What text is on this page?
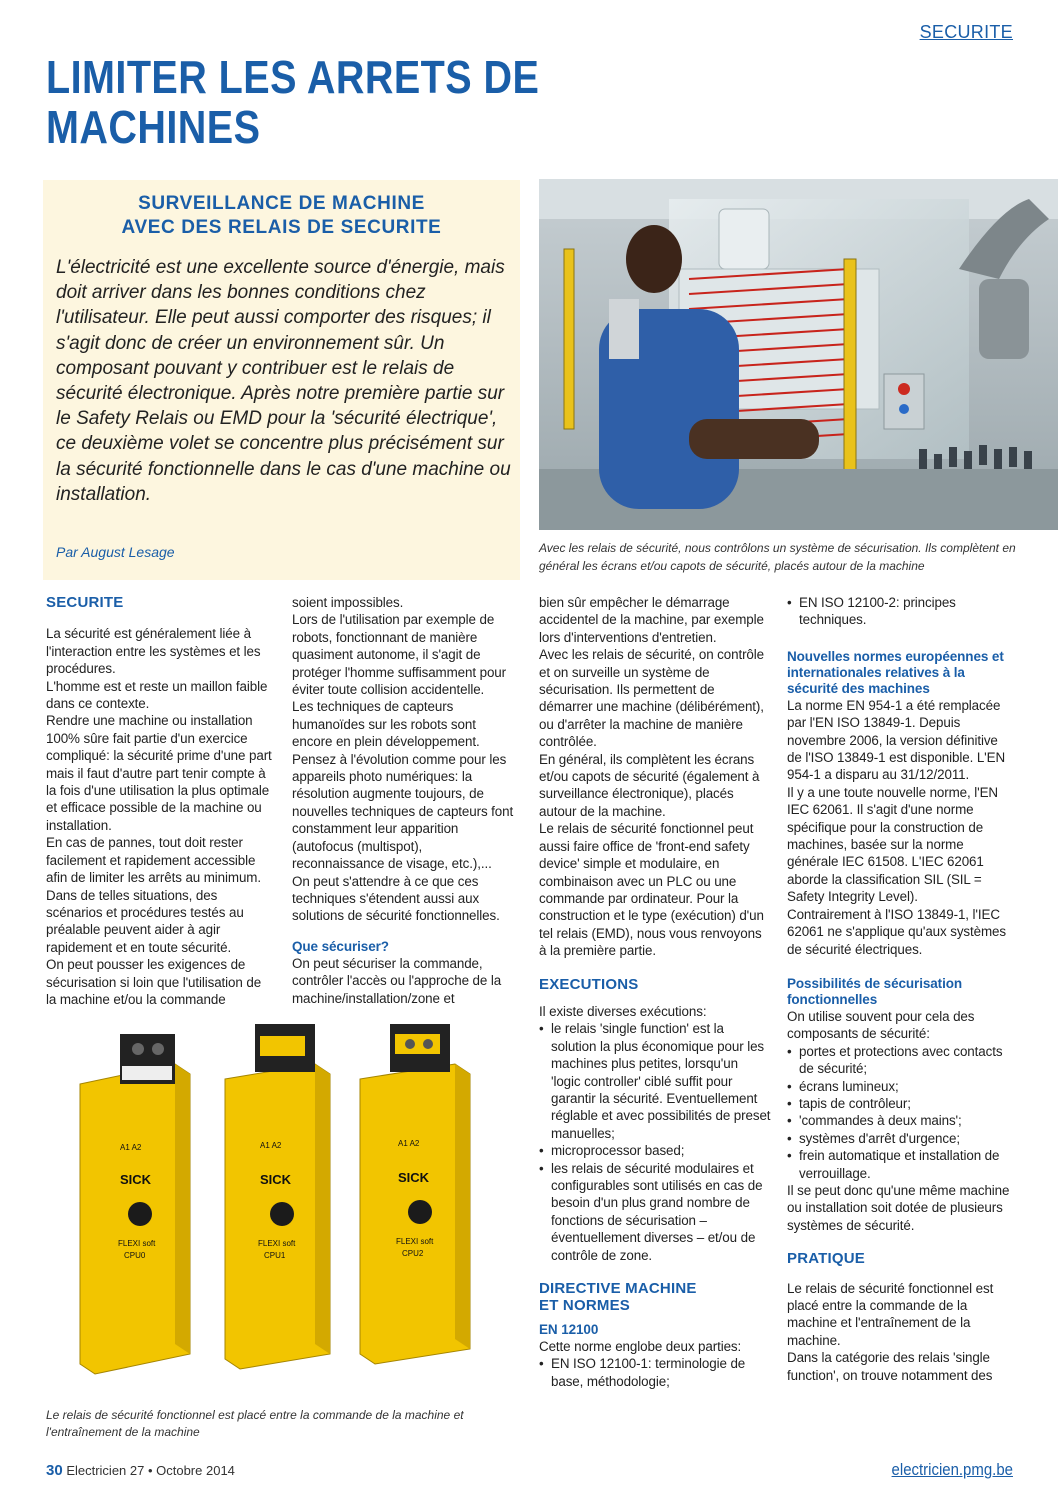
SECURITE
LIMITER LES ARRETS DE MACHINES
SURVEILLANCE DE MACHINE
AVEC DES RELAIS DE SECURITE
L'électricité est une excellente source d'énergie, mais doit arriver dans les bonnes conditions chez l'utilisateur. Elle peut aussi comporter des risques; il s'agit donc de créer un environnement sûr. Un composant pouvant y contribuer est le relais de sécurité électronique. Après notre première partie sur le Safety Relais ou EMD pour la 'sécurité électrique', ce deuxième volet se concentre plus précisément sur la sécurité fonctionnelle dans le cas d'une machine ou installation.
Par August Lesage	Avec les relais de sécurité, nous contrôlons un système de sécurisation. Ils complètent en général les écrans et/ou capots de sécurité, placés autour de la machine
SECURITE

La sécurité est généralement liée à l'interaction entre les systèmes et les procédures.

L'homme est et reste un maillon faible dans ce contexte.

Rendre une machine ou installation 100% sûre fait partie d'un exercice compliqué: la sécurité prime d'une part mais il faut d'autre part tenir compte à la fois d'une utilisation la plus optimale et efficace possible de la machine ou installation.

En cas de pannes, tout doit rester facilement et rapidement accessible afin de limiter les arrêts au minimum. Dans de telles situations, des scénarios et procédures testés au préalable peuvent aider à agir rapidement et en toute sécurité.

On peut pousser les exigences de sécurisation si loin que l'utilisation de la machine et/ou la commande

soient impossibles.

Lors de l'utilisation par exemple de robots, fonctionnant de manière quasiment autonome, il s'agit de protéger l'homme suffisamment pour éviter toute collision accidentelle.

Les techniques de capteurs humanoïdes sur les robots sont encore en plein développement.

Pensez à l'évolution comme pour les appareils photo numériques: la résolution augmente toujours, de nouvelles techniques de capteurs font constamment leur apparition (autofocus (multispot), reconnaissance de visage, etc.),...

On peut s'attendre à ce que ces techniques s'étendent aussi aux solutions de sécurité fonctionnelles.

Que sécuriser?

On peut sécuriser la commande, contrôler l'accès ou l'approche de la machine/installation/zone et

bien sûr empêcher le démarrage accidentel de la machine, par exemple lors d'interventions d'entretien.

Avec les relais de sécurité, on contrôle et on surveille un système de sécurisation. Ils permettent de démarrer une machine (délibérément), ou d'arrêter la machine de manière contrôlée.

En général, ils complètent les écrans et/ou capots de sécurité (également à surveillance électronique), placés autour de la machine.

Le relais de sécurité fonctionnel peut aussi faire office de 'front-end safety device' simple et modulaire, en combinaison avec un PLC ou une commande par ordinateur. Pour la construction et le type (exécution) d'un tel relais (EMD), nous vous renvoyons à la première partie.

EXECUTIONS

Il existe diverses exécutions:

• le relais 'single function' est la solution la plus économique pour les machines plus petites, lorsqu'un 'logic controller' ciblé suffit pour garantir la sécurité. Eventuellement réglable et avec possibilités de preset manuelles;
• microprocessor based;
• les relais de sécurité modulaires et configurables sont utilisés en cas de besoin d'un plus grand nombre de fonctions de sécurisation – éventuellement diverses – et/ou de contrôle de zone.
DIRECTIVE MACHINE
ET NORMES
EN 12100

Cette norme englobe deux parties:

• EN ISO 12100-1: terminologie de base, méthodologie;
• EN ISO 12100-2: principes techniques.
Nouvelles normes européennes et internationales relatives à la sécurité des machines

La norme EN 954-1 a été remplacée par l'EN ISO 13849-1. Depuis novembre 2006, la version définitive de l'ISO 13849-1 est disponible. L'EN 954-1 a disparu au 31/12/2011.

Il y a une toute nouvelle norme, l'EN IEC 62061. Il s'agit d'une norme spécifique pour la construction de machines, basée sur la norme générale IEC 61508. L'IEC 62061 aborde la classification SIL (SIL = Safety Integrity Level).

Contrairement à l'ISO 13849-1, l'IEC 62061 ne s'applique qu'aux systèmes de sécurité électriques.

Possibilités de sécurisation fonctionnelles

On utilise souvent pour cela des composants de sécurité:

• portes et protections avec contacts de sécurité;
• écrans lumineux;
• tapis de contrôleur;
• 'commandes à deux mains';
• systèmes d'arrêt d'urgence;
• frein automatique et installation de verrouillage.

Il se peut donc qu'une même machine ou installation soit dotée de plusieurs systèmes de sécurité.

PRATIQUE

Le relais de sécurité fonctionnel est placé entre la commande de la machine et l'entraînement de la machine.

Dans la catégorie des relais 'single function', on trouve notamment des

SICK
FLEXI soft
CPU0
A1 A2
SICK
FLEXI soft
CPU1
A1 A2
SICK
FLEXI soft
CPU2
A1 A2
Le relais de sécurité fonctionnel est placé entre la commande de la machine et l'entraînement de la machine
30 Electricien 27 • Octobre 2014	electricien.pmg.be
